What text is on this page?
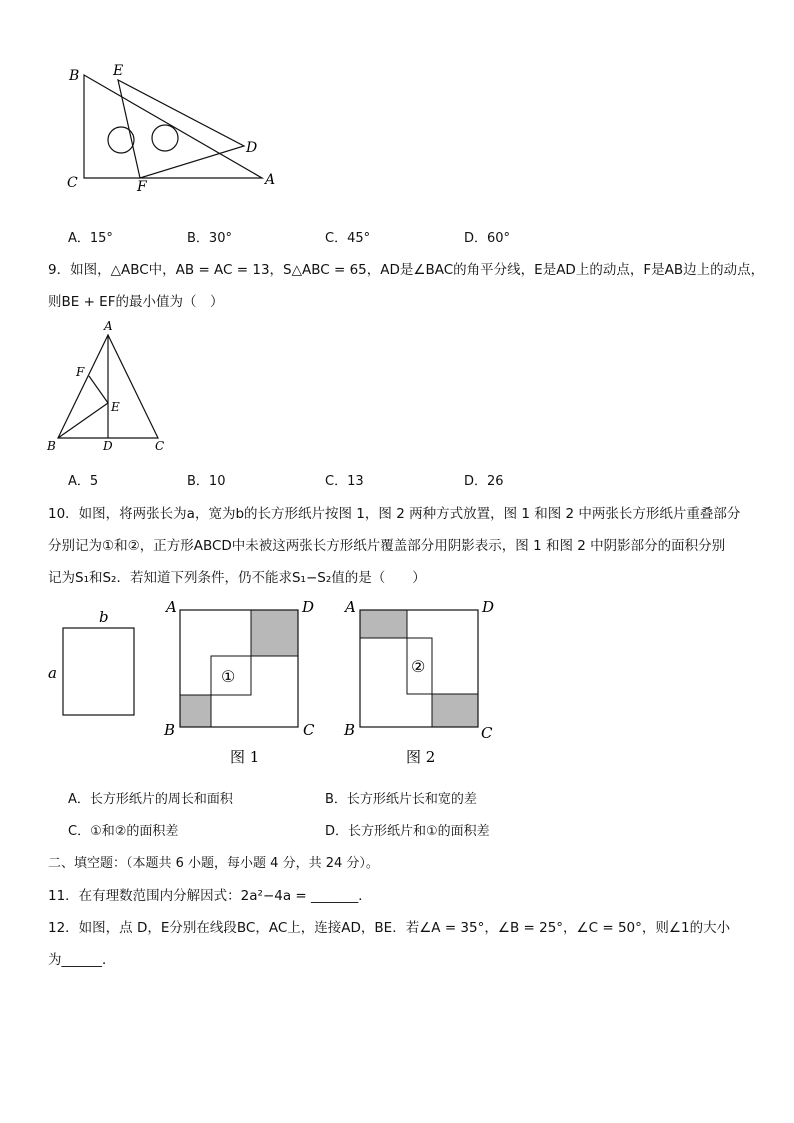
B E
D
C	F	A
A．15°	B．30°	C．45°	D．60°
9．如图，△ABC中，AB = AC = 13，S△ABC = 65，AD是∠BAC的角平分线，E是AD上的动点，F是AB边上的动点，
则BE + EF的最小值为（　）
A
F
E
B	D	C
A．5	B．10	C．13	D．26
10．如图，将两张长为a，宽为b的长方形纸片按图 1，图 2 两种方式放置，图 1 和图 2 中两张长方形纸片重叠部分
分别记为①和②，正方形ABCD中未被这两张长方形纸片覆盖部分用阴影表示，图 1 和图 2 中阴影部分的面积分别
记为S₁和S₂．若知道下列条件，仍不能求S₁−S₂值的是（　　）
b
a	①
A	D
B	C
图 1
②
A	D
B	C
图 2
A．长方形纸片的周长和面积	B．长方形纸片长和宽的差
C．①和②的面积差	D．长方形纸片和①的面积差
二、填空题：（本题共 6 小题，每小题 4 分，共 24 分）。
11．在有理数范围内分解因式：2a²−4a = _______．
12．如图，点 D，E分别在线段BC，AC上，连接AD，BE．若∠A = 35°，∠B = 25°，∠C = 50°，则∠1的大小
为______．
